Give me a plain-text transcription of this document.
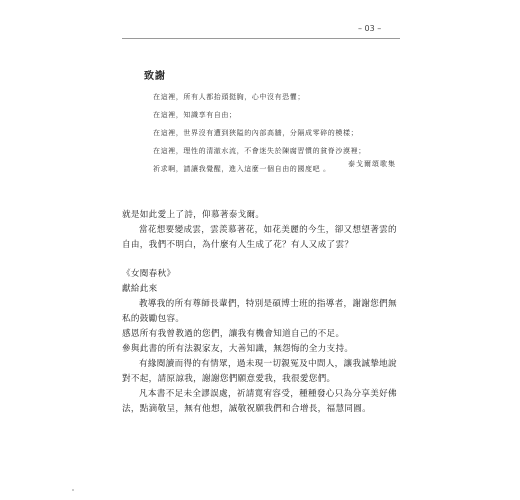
– 03 –
致謝
在這裡，所有人都抬頭挺胸，心中沒有恐懼；
在這裡，知識享有自由；
在這裡，世界沒有遭到狹隘的內部高牆，分隔成零碎的模樣；
在這裡，理性的清澈水流，不會迷失於陳腐習慣的貧脊沙漠裡；
祈求啊，請讓我覺醒，進入這麼一個自由的國度吧 。
泰戈爾頌歌集

就是如此愛上了詩，仰慕著泰戈爾。

當花想要變成雲，雲羨慕著花，如花美麗的今生，卻又想望著雲的自由，我們不明白，為什麼有人生成了花？有人又成了雲？

《女閱春秋》

獻給此來

教導我的所有尊師長輩們，特別是碩博士班的指導者，謝謝您們無私的鼓勵包容。

感恩所有我曾教過的您們，讓我有機會知道自己的不足。

參與此書的所有法親家友，大善知識，無怨悔的全力支持。

有緣閱讀而得的有情眾，過未現一切親冤及中間人，讓我誠摯地說對不起，請原諒我，謝謝您們願意愛我，我很愛您們。

凡本書不足未全謬誤處，祈請寬宥容受，種種發心只為分享美好佛法，點滴敬呈，無有他想，誠敬祝願我們和合增長，福慧同圓。
